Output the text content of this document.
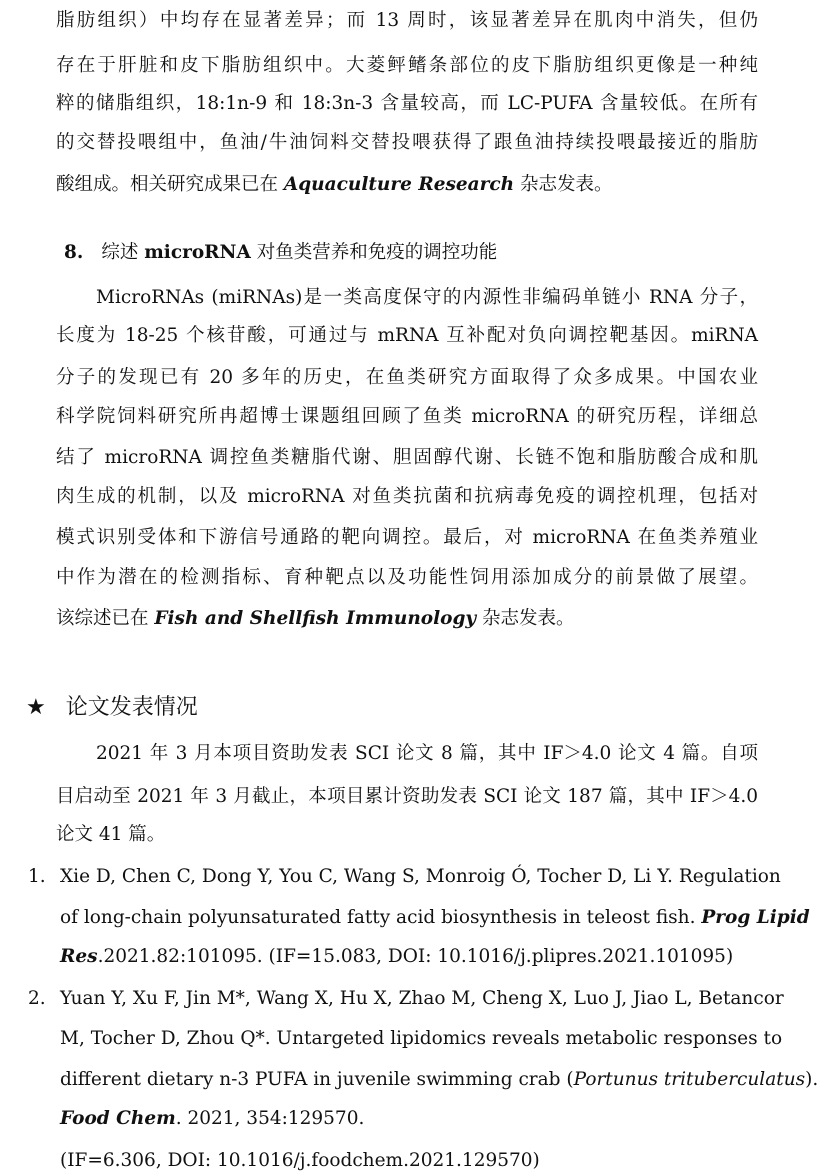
脂肪组织）中均存在显著差异；而 13 周时，该显著差异在肌肉中消失，但仍
存在于肝脏和皮下脂肪组织中。大菱鲆鳍条部位的皮下脂肪组织更像是一种纯
粹的储脂组织，18:1n-9 和 18:3n-3 含量较高，而 LC-PUFA 含量较低。在所有
的交替投喂组中，鱼油/牛油饲料交替投喂获得了跟鱼油持续投喂最接近的脂肪
酸组成。相关研究成果已在 Aquaculture Research 杂志发表。
8. 综述 microRNA 对鱼类营养和免疫的调控功能
MicroRNAs (miRNAs)是一类高度保守的内源性非编码单链小 RNA 分子，
长度为 18-25 个核苷酸，可通过与 mRNA 互补配对负向调控靶基因。miRNA
分子的发现已有 20 多年的历史，在鱼类研究方面取得了众多成果。中国农业
科学院饲料研究所冉超博士课题组回顾了鱼类 microRNA 的研究历程，详细总
结了 microRNA 调控鱼类糖脂代谢、胆固醇代谢、长链不饱和脂肪酸合成和肌
肉生成的机制，以及 microRNA 对鱼类抗菌和抗病毒免疫的调控机理，包括对
模式识别受体和下游信号通路的靶向调控。最后，对 microRNA 在鱼类养殖业
中作为潜在的检测指标、育种靶点以及功能性饲用添加成分的前景做了展望。
该综述已在 Fish and Shellfish Immunology 杂志发表。
★ 论文发表情况
2021 年 3 月本项目资助发表 SCI 论文 8 篇，其中 IF＞4.0 论文 4 篇。自项
目启动至 2021 年 3 月截止，本项目累计资助发表 SCI 论文 187 篇，其中 IF＞4.0
论文 41 篇。
1. Xie D, Chen C, Dong Y, You C, Wang S, Monroig Ó, Tocher D, Li Y. Regulation
of long-chain polyunsaturated fatty acid biosynthesis in teleost fish. Prog Lipid
Res.2021.82:101095. (IF=15.083, DOI: 10.1016/j.plipres.2021.101095)
2. Yuan Y, Xu F, Jin M*, Wang X, Hu X, Zhao M, Cheng X, Luo J, Jiao L, Betancor
M, Tocher D, Zhou Q*. Untargeted lipidomics reveals metabolic responses to
different dietary n-3 PUFA in juvenile swimming crab (Portunus trituberculatus).
Food Chem. 2021, 354:129570.
(IF=6.306, DOI: 10.1016/j.foodchem.2021.129570)
